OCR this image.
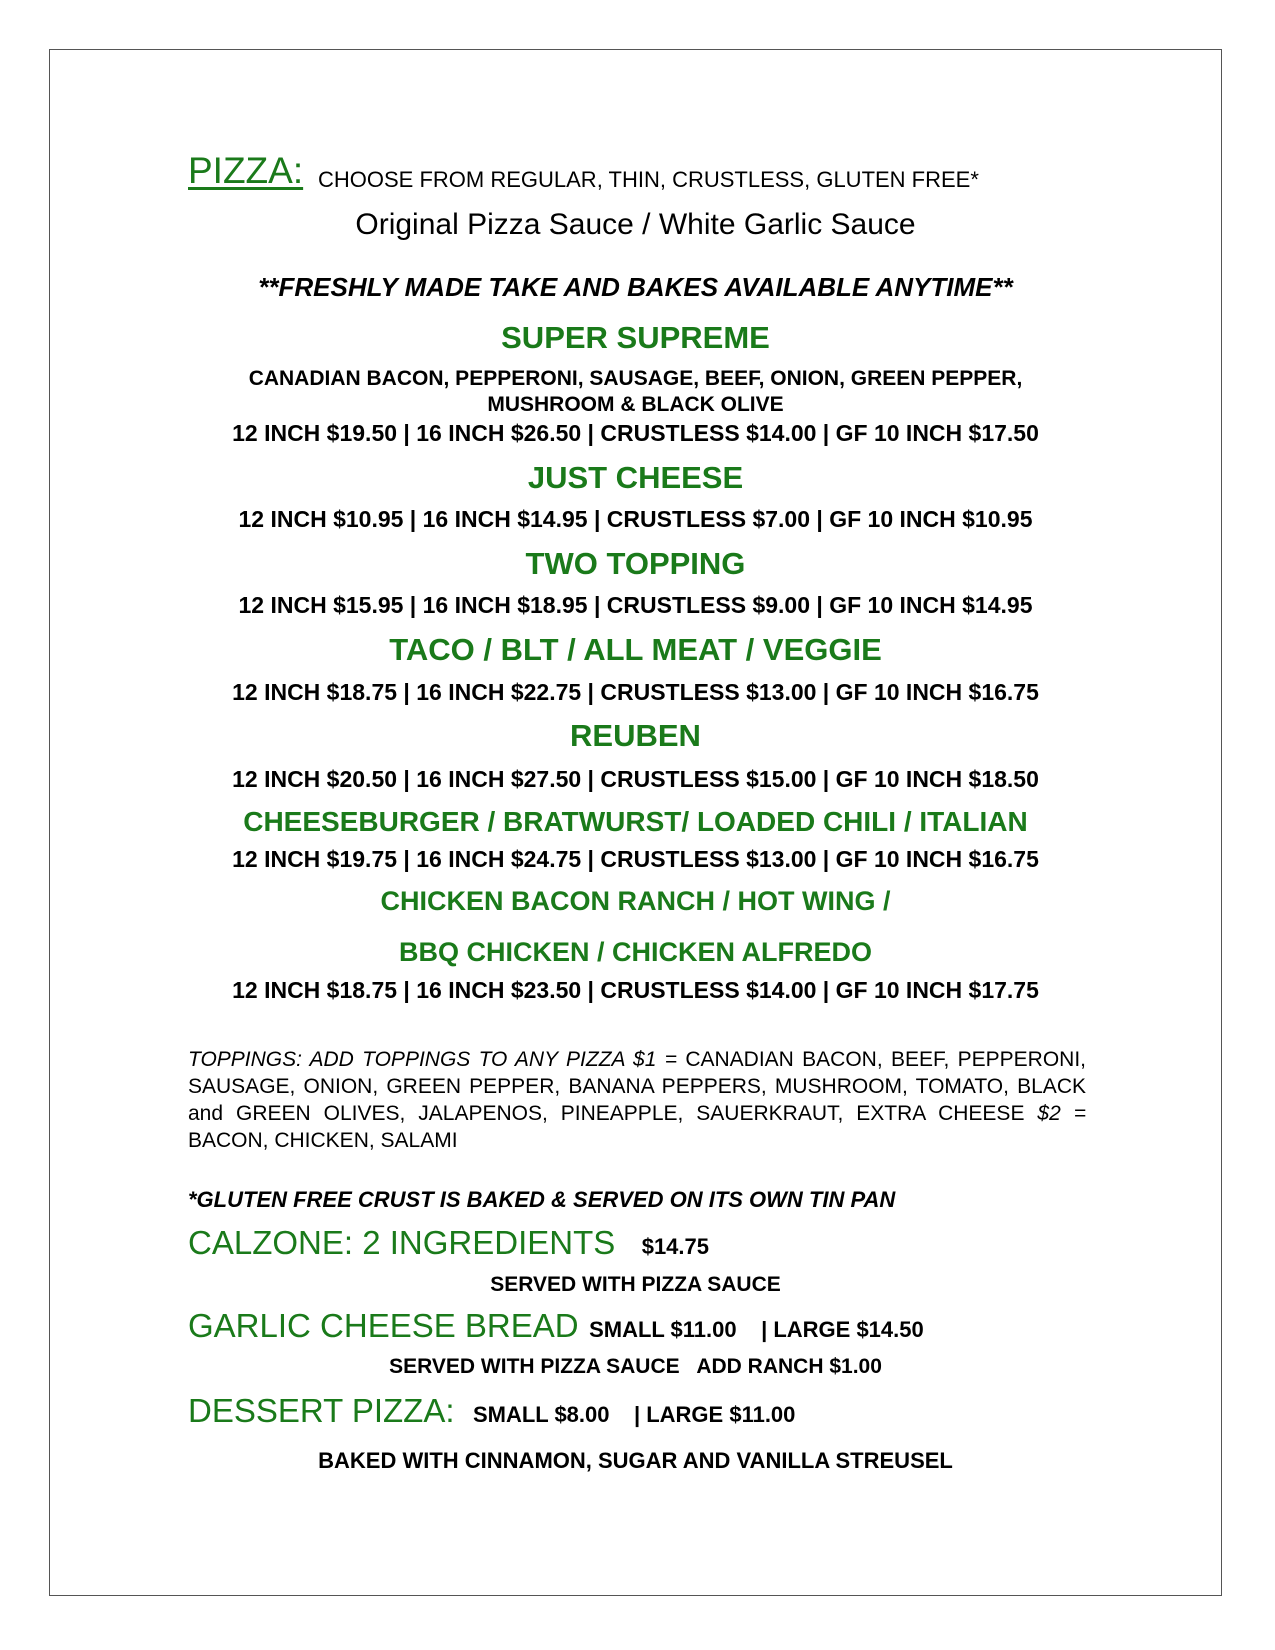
PIZZA: CHOOSE FROM REGULAR, THIN, CRUSTLESS, GLUTEN FREE*
Original Pizza Sauce / White Garlic Sauce
**FRESHLY MADE TAKE AND BAKES AVAILABLE ANYTIME**
SUPER SUPREME
CANADIAN BACON, PEPPERONI, SAUSAGE, BEEF, ONION, GREEN PEPPER,
MUSHROOM & BLACK OLIVE
12 INCH $19.50 | 16 INCH $26.50 | CRUSTLESS $14.00 | GF 10 INCH $17.50
JUST CHEESE
12 INCH $10.95 | 16 INCH $14.95 | CRUSTLESS $7.00 | GF 10 INCH $10.95
TWO TOPPING
12 INCH $15.95 | 16 INCH $18.95 | CRUSTLESS $9.00 | GF 10 INCH $14.95
TACO / BLT / ALL MEAT / VEGGIE
12 INCH $18.75 | 16 INCH $22.75 | CRUSTLESS $13.00 | GF 10 INCH $16.75
REUBEN
12 INCH $20.50 | 16 INCH $27.50 | CRUSTLESS $15.00 | GF 10 INCH $18.50
CHEESEBURGER / BRATWURST/ LOADED CHILI / ITALIAN
12 INCH $19.75 | 16 INCH $24.75 | CRUSTLESS $13.00 | GF 10 INCH $16.75
CHICKEN BACON RANCH / HOT WING /
BBQ CHICKEN / CHICKEN ALFREDO
12 INCH $18.75 | 16 INCH $23.50 | CRUSTLESS $14.00 | GF 10 INCH $17.75
TOPPINGS: ADD TOPPINGS TO ANY PIZZA $1 = CANADIAN BACON, BEEF, PEPPERONI, SAUSAGE, ONION, GREEN PEPPER, BANANA PEPPERS, MUSHROOM, TOMATO, BLACK and GREEN OLIVES, JALAPENOS, PINEAPPLE, SAUERKRAUT, EXTRA CHEESE $2 = BACON, CHICKEN, SALAMI
*GLUTEN FREE CRUST IS BAKED & SERVED ON ITS OWN TIN PAN
CALZONE: 2 INGREDIENTS $14.75
SERVED WITH PIZZA SAUCE
GARLIC CHEESE BREAD SMALL $11.00    | LARGE $14.50
SERVED WITH PIZZA SAUCE   ADD RANCH $1.00
DESSERT PIZZA: SMALL $8.00    | LARGE $11.00
BAKED WITH CINNAMON, SUGAR AND VANILLA STREUSEL
